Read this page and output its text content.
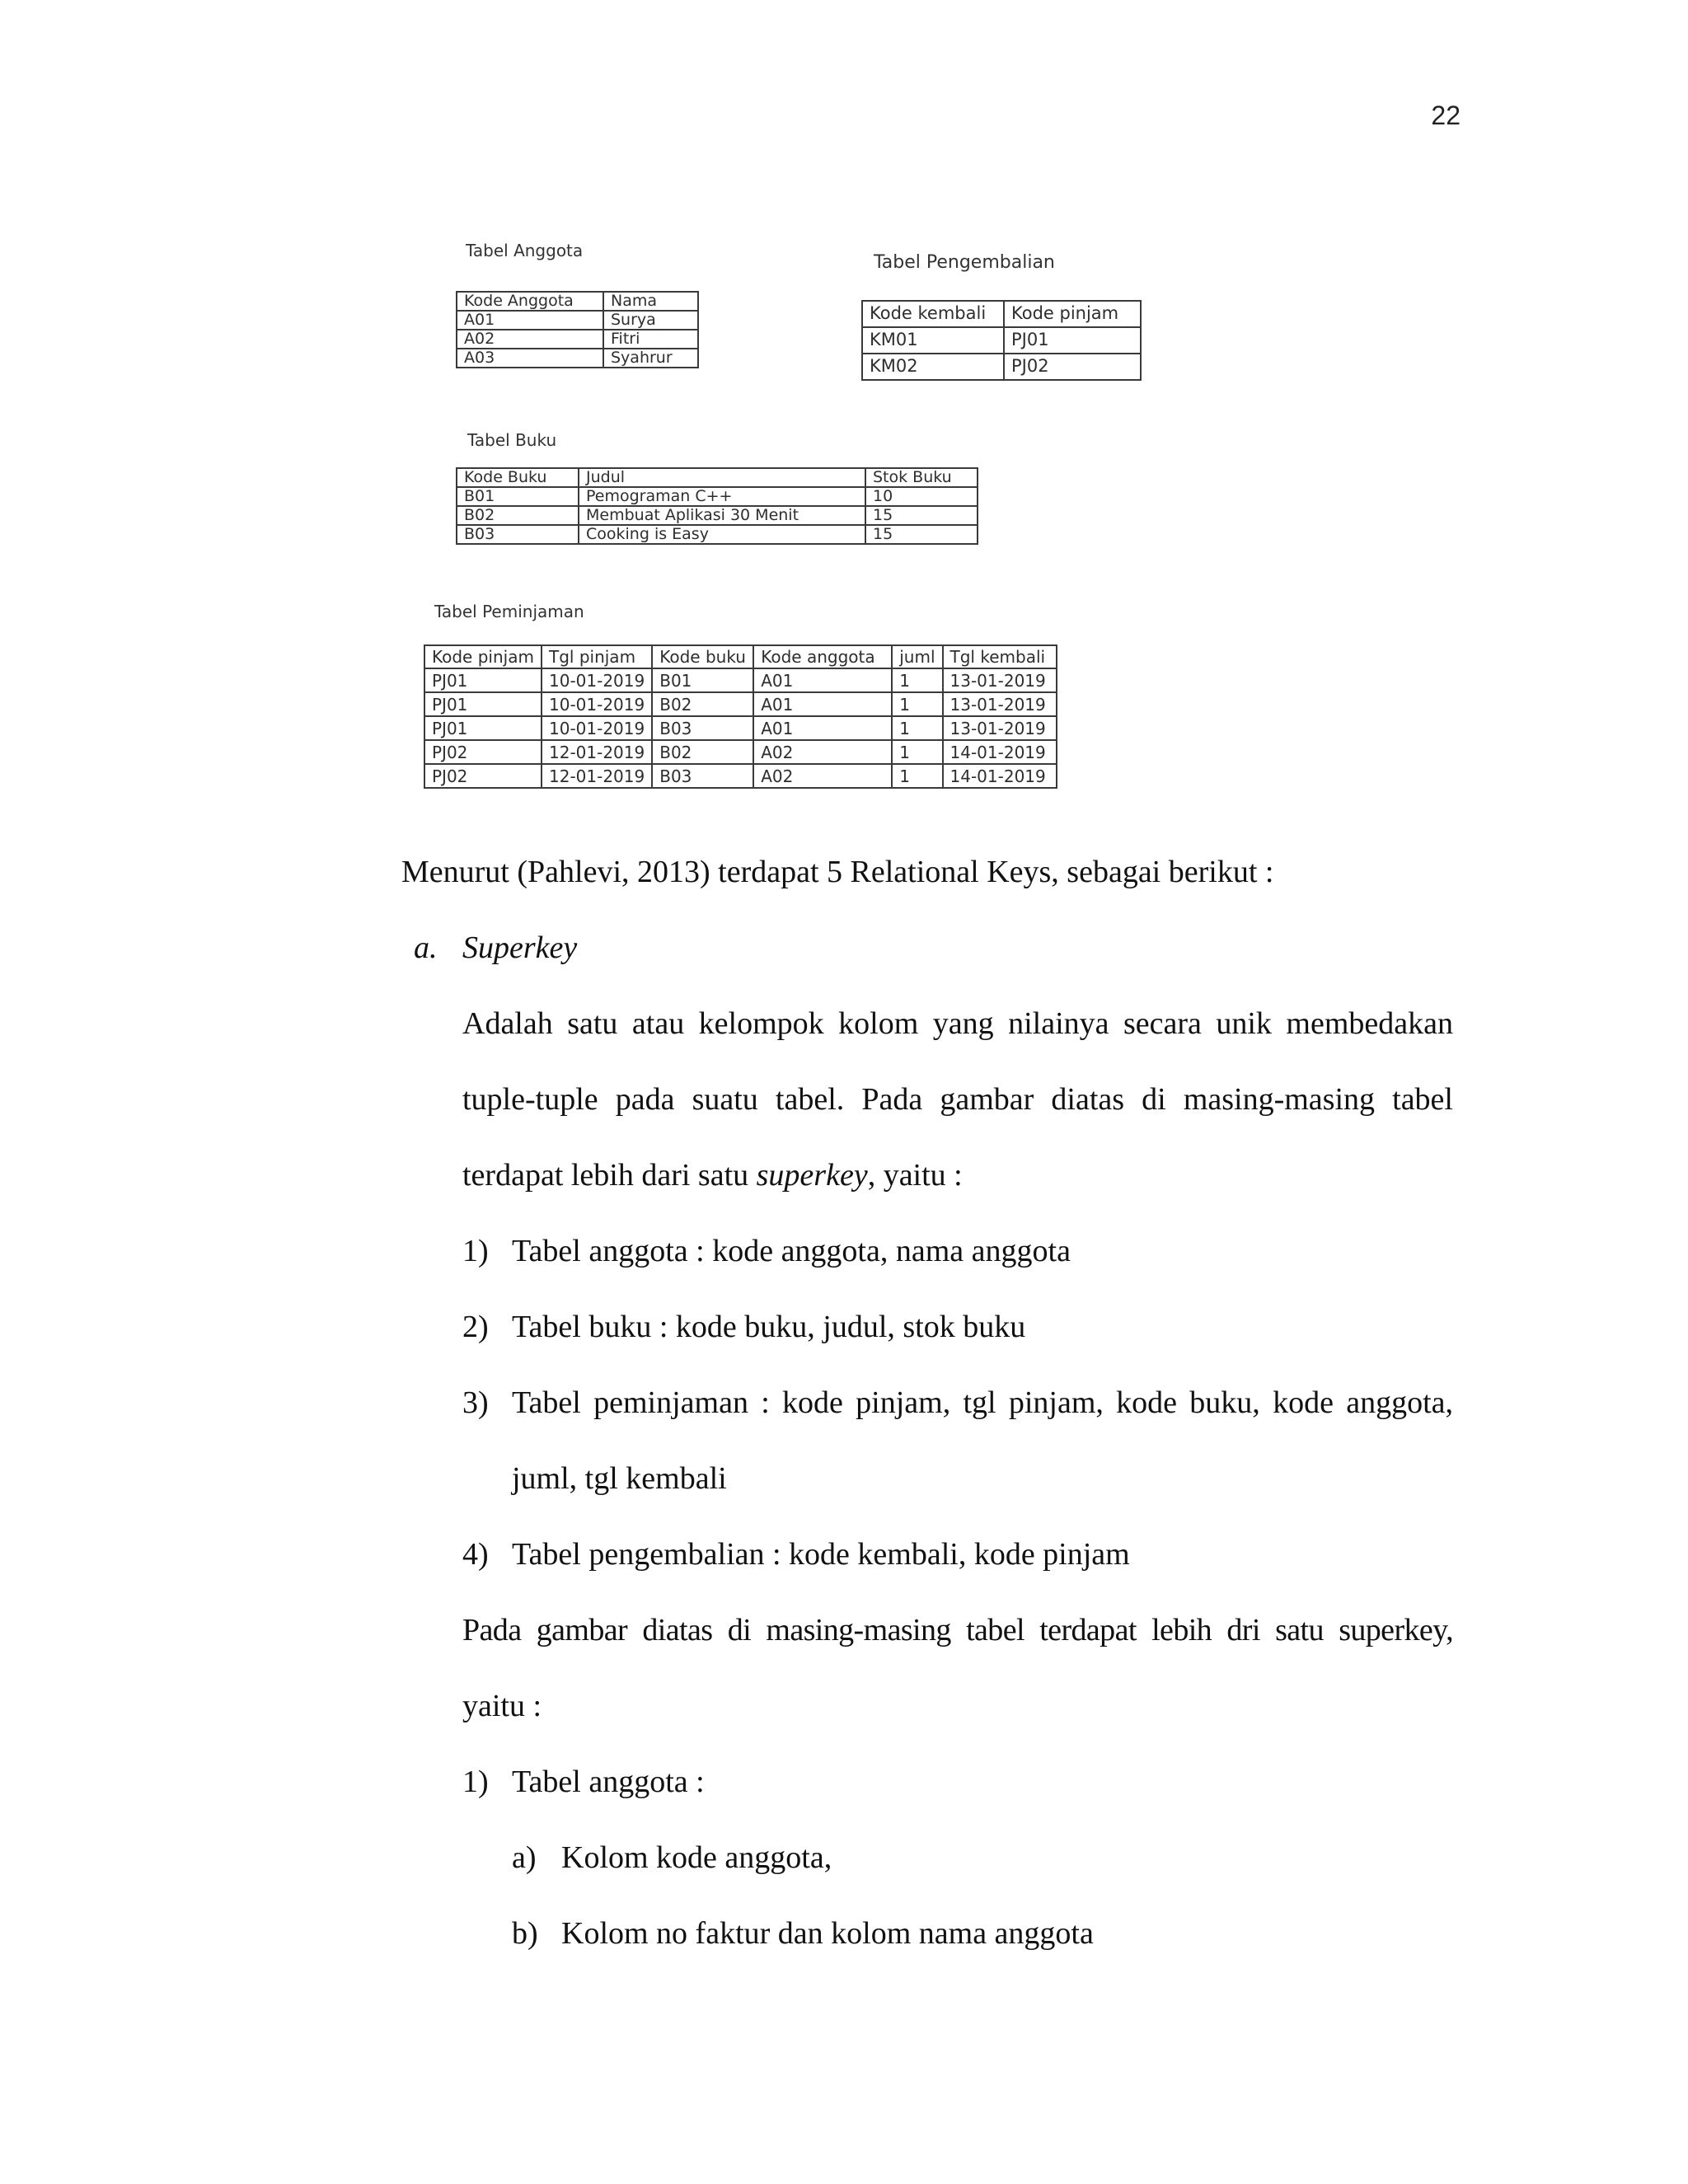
22
Tabel Anggota
Kode Anggota	Nama
A01	Surya
A02	Fitri
A03	Syahrur
Tabel Pengembalian
Kode kembali	Kode pinjam
KM01	PJ01
KM02	PJ02
Tabel Buku
Kode Buku	Judul	Stok Buku
B01	Pemograman C++	10
B02	Membuat Aplikasi 30 Menit	15
B03	Cooking is Easy	15
Tabel Peminjaman
Kode pinjam	Tgl pinjam	Kode buku	Kode anggota	juml	Tgl kembali
PJ01	10-01-2019	B01	A01	1	13-01-2019
PJ01	10-01-2019	B02	A01	1	13-01-2019
PJ01	10-01-2019	B03	A01	1	13-01-2019
PJ02	12-01-2019	B02	A02	1	14-01-2019
PJ02	12-01-2019	B03	A02	1	14-01-2019
Menurut (Pahlevi, 2013) terdapat 5 Relational Keys, sebagai berikut :
a. Superkey
Adalah satu atau kelompok kolom yang nilainya secara unik membedakan
tuple-tuple pada suatu tabel. Pada gambar diatas di masing-masing tabel
terdapat lebih dari satu superkey, yaitu :
1) Tabel anggota : kode anggota, nama anggota
2) Tabel buku : kode buku, judul, stok buku
3) Tabel peminjaman : kode pinjam, tgl pinjam, kode buku, kode anggota,
juml, tgl kembali
4) Tabel pengembalian : kode kembali, kode pinjam
Pada gambar diatas di masing-masing tabel terdapat lebih dri satu superkey,
yaitu :
1) Tabel anggota :
a) Kolom kode anggota,
b) Kolom no faktur dan kolom nama anggota
